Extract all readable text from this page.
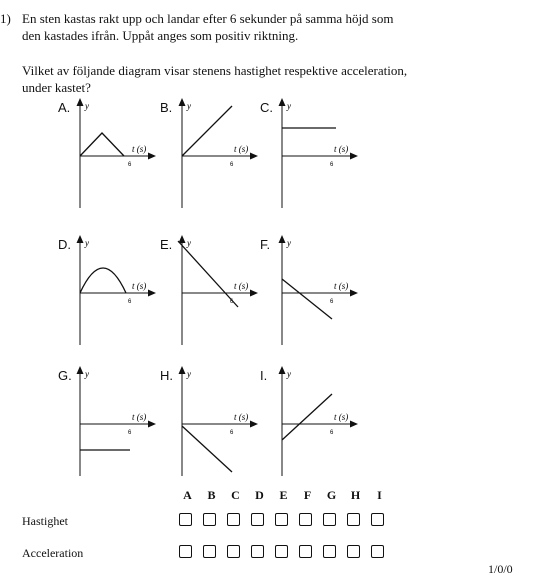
1) En sten kastas rakt upp och landar efter 6 sekunder på samma höjd som
den kastades ifrån. Uppåt anges som positiv riktning.
Vilket av följande diagram visar stenens hastighet respektive acceleration,
under kastet?
A. y
t (s)
6
B. y
t (s)
6
C. y
t (s)
6
D. y
t (s)
6
E. y
t (s)
6
F. y
t (s)
6
G. y
t (s)
6
H. y
t (s)
6
I. y
t (s)
6
A	B	C	D	E	F	G	H	I
Hastighet
Acceleration
1/0/0
